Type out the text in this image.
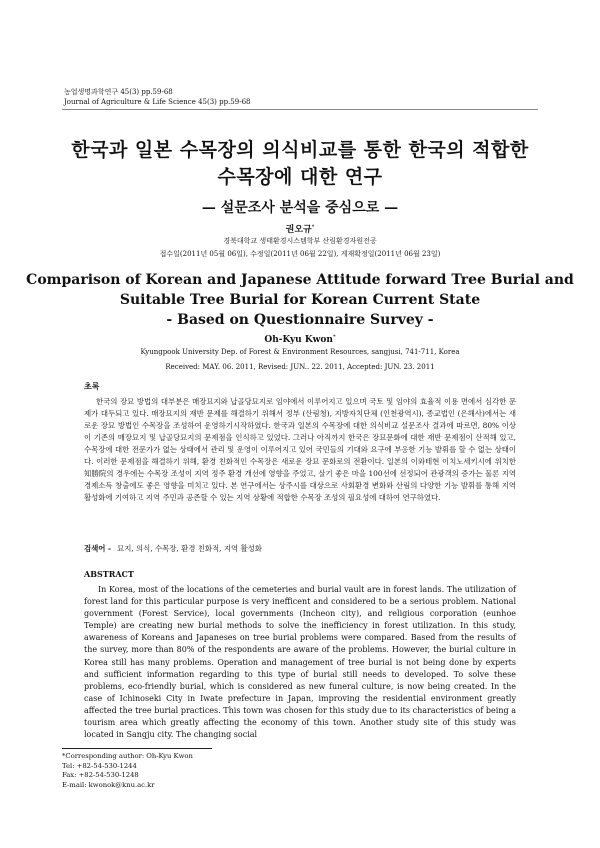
농업생명과학연구 45(3) pp.59-68
Journal of Agriculture & Life Science 45(3) pp.59-68
한국과 일본 수목장의 의식비교를 통한 한국의 적합한
수목장에 대한 연구
— 설문조사 분석을 중심으로 —
권오규*
경북대학교 생태환경시스템학부 산림환경자원전공
접수일(2011년 05월 06일), 수정일(2011년 06월 22일), 게재확정일(2011년 06월 23일)
Comparison of Korean and Japanese Attitude forward Tree Burial and
Suitable Tree Burial for Korean Current State
- Based on Questionnaire Survey -
Oh-Kyu Kwon*
Kyungpook University Dep. of Forest & Environment Resources, sangjusi, 741-711, Korea
Received: MAY. 06. 2011, Revised: JUN.. 22. 2011, Accepted: JUN. 23. 2011
초록

한국의 장묘 방법의 대부분은 매장묘지와 납골당묘지로 임야에서 이루어지고 있으며 국토 및 임야의 효율적 이용 면에서 심각한 문제가 대두되고 있다. 매장묘지의 재반 문제를 해결하기 위해서 정부 (산림청), 지방자치단체 (인천광역시), 종교법인 (은해사)에서는 새로운 장묘 방법인 수목장을 조성하여 운영하기시작하였다. 한국과 일본의 수목장에 대한 의식비교 설문조사 결과에 따르면, 80% 이상이 기존의 매장묘지 및 납골당묘지의 문제점을 인식하고 있었다. 그러나 아직까지 한국은 장묘문화에 대한 재반 문제점이 산적해 있고, 수목장에 대한 전문가가 없는 상태에서 관리 및 운영이 이루어지고 있어 국민들의 기대와 요구에 부응한 기능 발휘를 할 수 없는 상태이다. 이러한 문제점을 해결하기 위해, 환경 친화적인 수목장은 새로운 장묘 문화로의 전환이다. 일본의 이와테현 이치노세키시에 위치한 知勝院의 경우에는 수목장 조성이 지역 정주 환경 개선에 영향을 주었고, 살기 좋은 마을 100선에 선정되어 관광객의 증가는 물론 지역경제소득 창출에도 좋은 영향을 미치고 있다. 본 연구에서는 상주시를 대상으로 사회환경 변화와 산림의 다양한 기능 발휘를 통해 지역 활성화에 기여하고 지역 주민과 공존할 수 있는 지역 상황에 적합한 수목장 조성의 필요성에 대하여 연구하였다.

검색어 - 묘지, 의식, 수목장, 환경 친화적, 지역 활성화
ABSTRACT

In Korea, most of the locations of the cemeteries and burial vault are in forest lands. The utilization of forest land for this particular purpose is very inefficent and considered to be a serious problem. National government (Forest Service), local governments (Incheon city), and religious corporation (eunhoe Temple) are creating new burial methods to solve the inefficiency in forest utilization. In this study, awareness of Koreans and Japaneses on tree burial problems were compared. Based from the results of the survey, more than 80% of the respondents are aware of the problems. However, the burial culture in Korea still has many problems. Operation and management of tree burial is not being done by experts and sufficient information regarding to this type of burial still needs to developed. To solve these problems, eco-friendly burial, which is considered as new funeral culture, is now being created. In the case of Ichinoseki City in Iwate prefecture in Japan, improving the residential environment greatly affected the tree burial practices. This town was chosen for this study due to its characteristics of being a tourism area which greatly affecting the economy of this town. Another study site of this study was located in Sangju city. The changing social

*Corresponding author: Oh-Kyu Kwon
Tel: +82-54-530-1244
Fax: +82-54-530-1248
E-mail: kwonok@knu.ac.kr
